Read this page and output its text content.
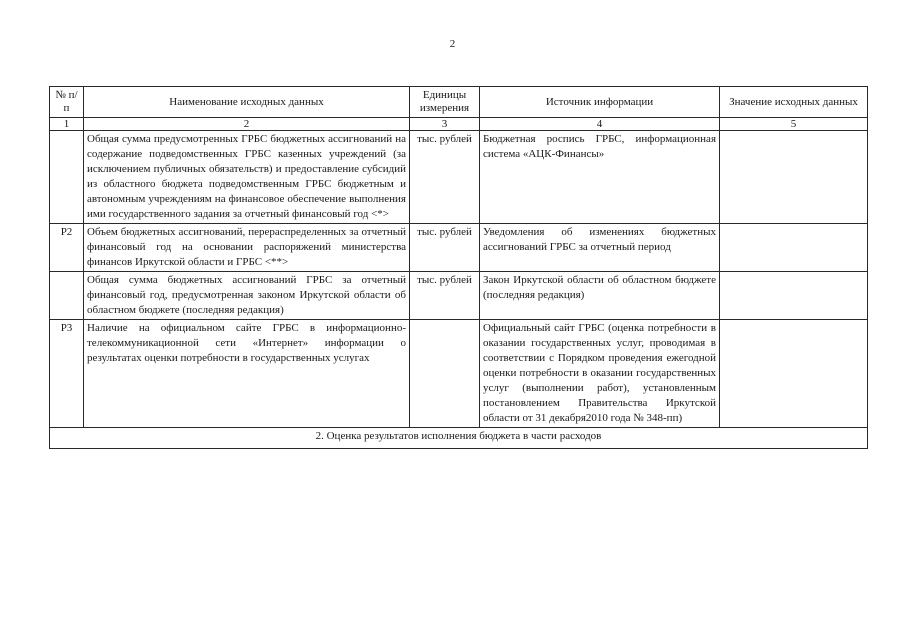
2
№ п/п	Наименование исходных данных	Единицы измерения	Источник информации	Значение исходных данных
1	2	3	4	5
	Общая сумма предусмотренных ГРБС бюджетных ассигнований на содержание подведомственных ГРБС казенных учреждений (за исключением публичных обязательств) и предоставление субсидий из областного бюджета подведомственным ГРБС бюджетным и автономным учреждениям на финансовое обеспечение выполнения ими государственного задания за отчетный финансовый год <*>	тыс. рублей	Бюджетная роспись ГРБС, информационная система «АЦК-Финансы»	
P2	Объем бюджетных ассигнований, перераспределенных за отчетный финансовый год на основании распоряжений министерства финансов Иркутской области и ГРБС <**>	тыс. рублей	Уведомления об изменениях бюджетных ассигнований ГРБС за отчетный период	
	Общая сумма бюджетных ассигнований ГРБС за отчетный финансовый год, предусмотренная законом Иркутской области об областном бюджете (последняя редакция)	тыс. рублей	Закон Иркутской области об областном бюджете (последняя редакция)	
P3	Наличие на официальном сайте ГРБС в информационно-телекоммуникационной сети «Интернет» информации о результатах оценки потребности в государственных услугах		Официальный сайт ГРБС (оценка потребности в оказании государственных услуг, проводимая в соответствии с Порядком проведения ежегодной оценки потребности в оказании государственных услуг (выполнении работ), установленным постановлением Правительства Иркутской области от 31 декабря2010 года № 348-пп)	
2. Оценка результатов исполнения бюджета в части расходов				
